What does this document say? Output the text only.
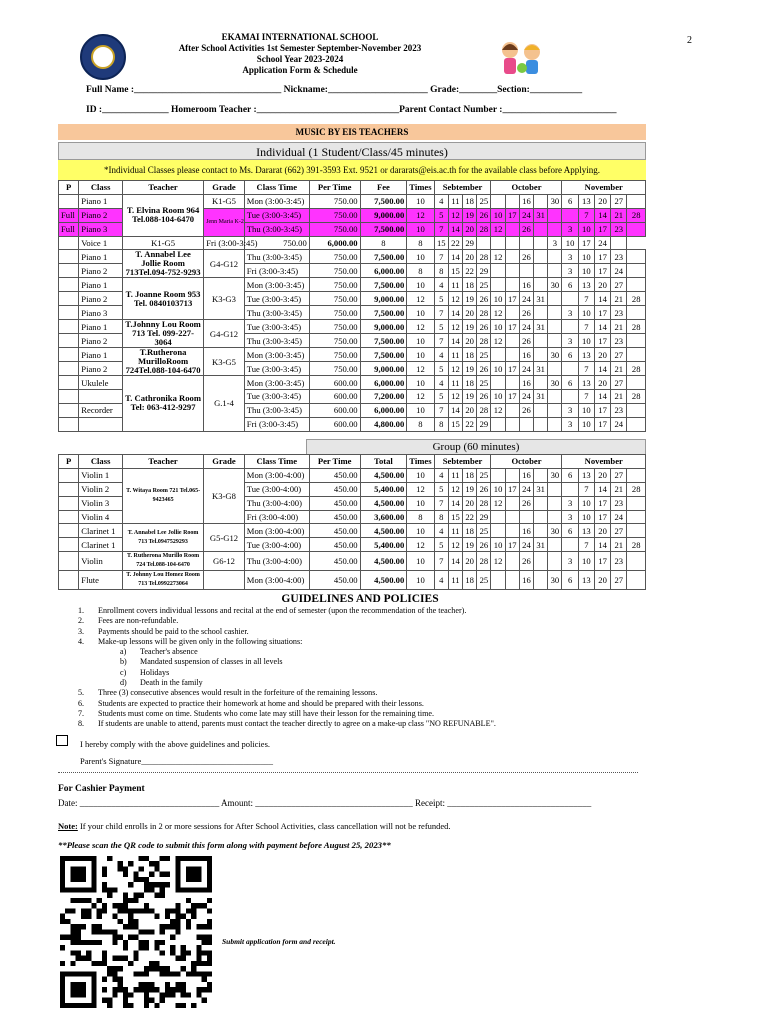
2
EKAMAI INTERNATIONAL SCHOOL
After School Activities 1st Semester September-November 2023
School Year 2023-2024
Application Form & Schedule
Full Name :_______________________________ Nickname:_____________________ Grade:________Section:___________
ID :______________ Homeroom Teacher :______________________________Parent Contact Number :________________________
MUSIC BY EIS TEACHERS
Individual (1 Student/Class/45 minutes)
*Individual Classes please contact to Ms. Dararat (662) 391-3593 Ext. 9521 or dararats@eis.ac.th for the available class before Applying.
P	Class	Teacher	Grade	Class Time	Per Time	Fee	Times	Sebtember				October					November				
	Piano 1	T. Elvina Room 964 Tel.088-104-6470	K1-G5	Mon (3:00-3:45)	750.00	7,500.00	10	4	11	18	25			16		30	6	13	20	27	
Full	Piano 2		Jenn Maria K-2	Tue (3:00-3:45)	750.00	9,000.00	12	5	12	19	26	10	17	24	31			7	14	21	28
Full	Piano 3			Thu (3:00-3:45)	750.00	7,500.00	10	7	14	20	28	12		26			3	10	17	23	
	Voice 1	K1-G5	Fri (3:00-3:45)	750.00	6,000.00	8	8	15	22	29						3	10	17	24		
	Piano 1	T. Annabel Lee Jollie Room 713Tel.094-752-9293	G4-G12	Thu (3:00-3:45)	750.00	7,500.00	10	7	14	20	28	12		26			3	10	17	23	
	Piano 2			Fri (3:00-3:45)	750.00	6,000.00	8	8	15	22	29						3	10	17	24	
	Piano 1	T. Joanne Room 953 Tel. 0840103713	K3-G3	Mon (3:00-3:45)	750.00	7,500.00	10	4	11	18	25			16		30	6	13	20	27	
	Piano 2			Tue (3:00-3:45)	750.00	9,000.00	12	5	12	19	26	10	17	24	31			7	14	21	28
	Piano 3			Thu (3:00-3:45)	750.00	7,500.00	10	7	14	20	28	12		26			3	10	17	23	
	Piano 1	T.Johnny Lou Room 713 Tel. 099-227-3064	G4-G12	Tue (3:00-3:45)	750.00	9,000.00	12	5	12	19	26	10	17	24	31			7	14	21	28
	Piano 2			Thu (3:00-3:45)	750.00	7,500.00	10	7	14	20	28	12		26			3	10	17	23	
	Piano 1	T.Rutherona MurilloRoom 724Tel.088-104-6470	K3-G5	Mon (3:00-3:45)	750.00	7,500.00	10	4	11	18	25			16		30	6	13	20	27	
	Piano 2			Tue (3:00-3:45)	750.00	9,000.00	12	5	12	19	26	10	17	24	31			7	14	21	28
	Ukulele	T. Cathronika Room Tel: 063-412-9297	G.1-4	Mon (3:00-3:45)	600.00	6,000.00	10	4	11	18	25			16		30	6	13	20	27	
				Tue (3:00-3:45)	600.00	7,200.00	12	5	12	19	26	10	17	24	31			7	14	21	28
	Recorder			Thu (3:00-3:45)	600.00	6,000.00	10	7	14	20	28	12		26			3	10	17	23	
				Fri (3:00-3:45)	600.00	4,800.00	8	8	15	22	29						3	10	17	24	
Group (60 minutes)
P	Class	Teacher	Grade	Class Time	Per Time	Total	Times	Sebtember				October					November				
	Violin 1	T. Witaya Room 721 Tel.065-9423465	K3-G8	Mon (3:00-4:00)	450.00	4,500.00	10	4	11	18	25			16		30	6	13	20	27	
	Violin 2			Tue (3:00-4:00)	450.00	5,400.00	12	5	12	19	26	10	17	24	31			7	14	21	28
	Violin 3			Thu (3:00-4:00)	450.00	4,500.00	10	7	14	20	28	12		26			3	10	17	23	
	Violin 4			Fri (3:00-4:00)	450.00	3,600.00	8	8	15	22	29						3	10	17	24	
	Clarinet 1	T. Annabel Lee Jollie Room 713 Tel.0947529293	G5-G12	Mon (3:00-4:00)	450.00	4,500.00	10	4	11	18	25			16		30	6	13	20	27	
	Clarinet 1			Tue (3:00-4:00)	450.00	5,400.00	12	5	12	19	26	10	17	24	31			7	14	21	28
	Violin	T. Rutherona Murillo Room 724 Tel.088-104-6470	G6-12	Thu (3:00-4:00)	450.00	4,500.00	10	7	14	20	28	12		26			3	10	17	23	
	Flute	T. Johnny Lou Homez Room 713 Tel.0992273064		Mon (3:00-4:00)	450.00	4,500.00	10	4	11	18	25			16		30	6	13	20	27	
GUIDELINES AND POLICIES
1.	Enrollment covers individual lessons and recital at the end of semester (upon the recommendation of the teacher).
2.	Fees are non-refundable.
3.	Payments should be paid to the school cashier.
4.	Make-up lessons will be given only in the following situations:
a)	Teacher's absence
b)	Mandated suspension of classes in all levels
c)	Holidays
d)	Death in the family
5.	Three (3) consecutive absences would result in the forfeiture of the remaining lessons.
6.	Students are expected to practice their homework at home and should be prepared with their lessons.
7.	Students must come on time. Students who come late may still have their lesson for the remaining time.
8.	If students are unable to attend, parents must contact the teacher directly to agree on a make-up class "NO REFUNABLE".
I hereby comply with the above guidelines and policies.
Parent's Signature_______________________________
For Cashier Payment
Date: _______________________________ Amount: ___________________________________ Receipt: ________________________________
Note: If your child enrolls in 2 or more sessions for After School Activities, class cancellation will not be refunded.
**Please scan the QR code to submit this form along with payment before August 25, 2023**
Submit application form and receipt.
